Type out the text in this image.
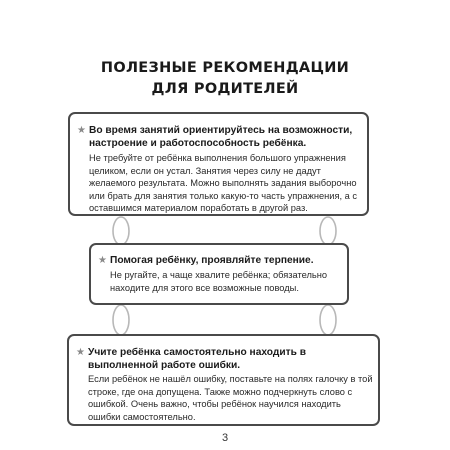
ПОЛЕЗНЫЕ РЕКОМЕНДАЦИИ
ДЛЯ РОДИТЕЛЕЙ
★ Во время занятий ориентируйтесь на возможности, настроение и работоспособность ребёнка.
Не требуйте от ребёнка выполнения большого упражнения целиком, если он устал. Занятия через силу не дадут желаемого результата. Можно выполнять задания выборочно или брать для занятия только какую-то часть упражнения, а с оставшимся материалом поработать в другой раз.
★ Помогая ребёнку, проявляйте терпение.
Не ругайте, а чаще хвалите ребёнка; обязательно находите для этого все возможные поводы.
★ Учите ребёнка самостоятельно находить в выполненной работе ошибки.
Если ребёнок не нашёл ошибку, поставьте на полях галочку в той строке, где она допущена. Также можно подчеркнуть слово с ошибкой. Очень важно, чтобы ребёнок научился находить ошибки самостоятельно.
3
